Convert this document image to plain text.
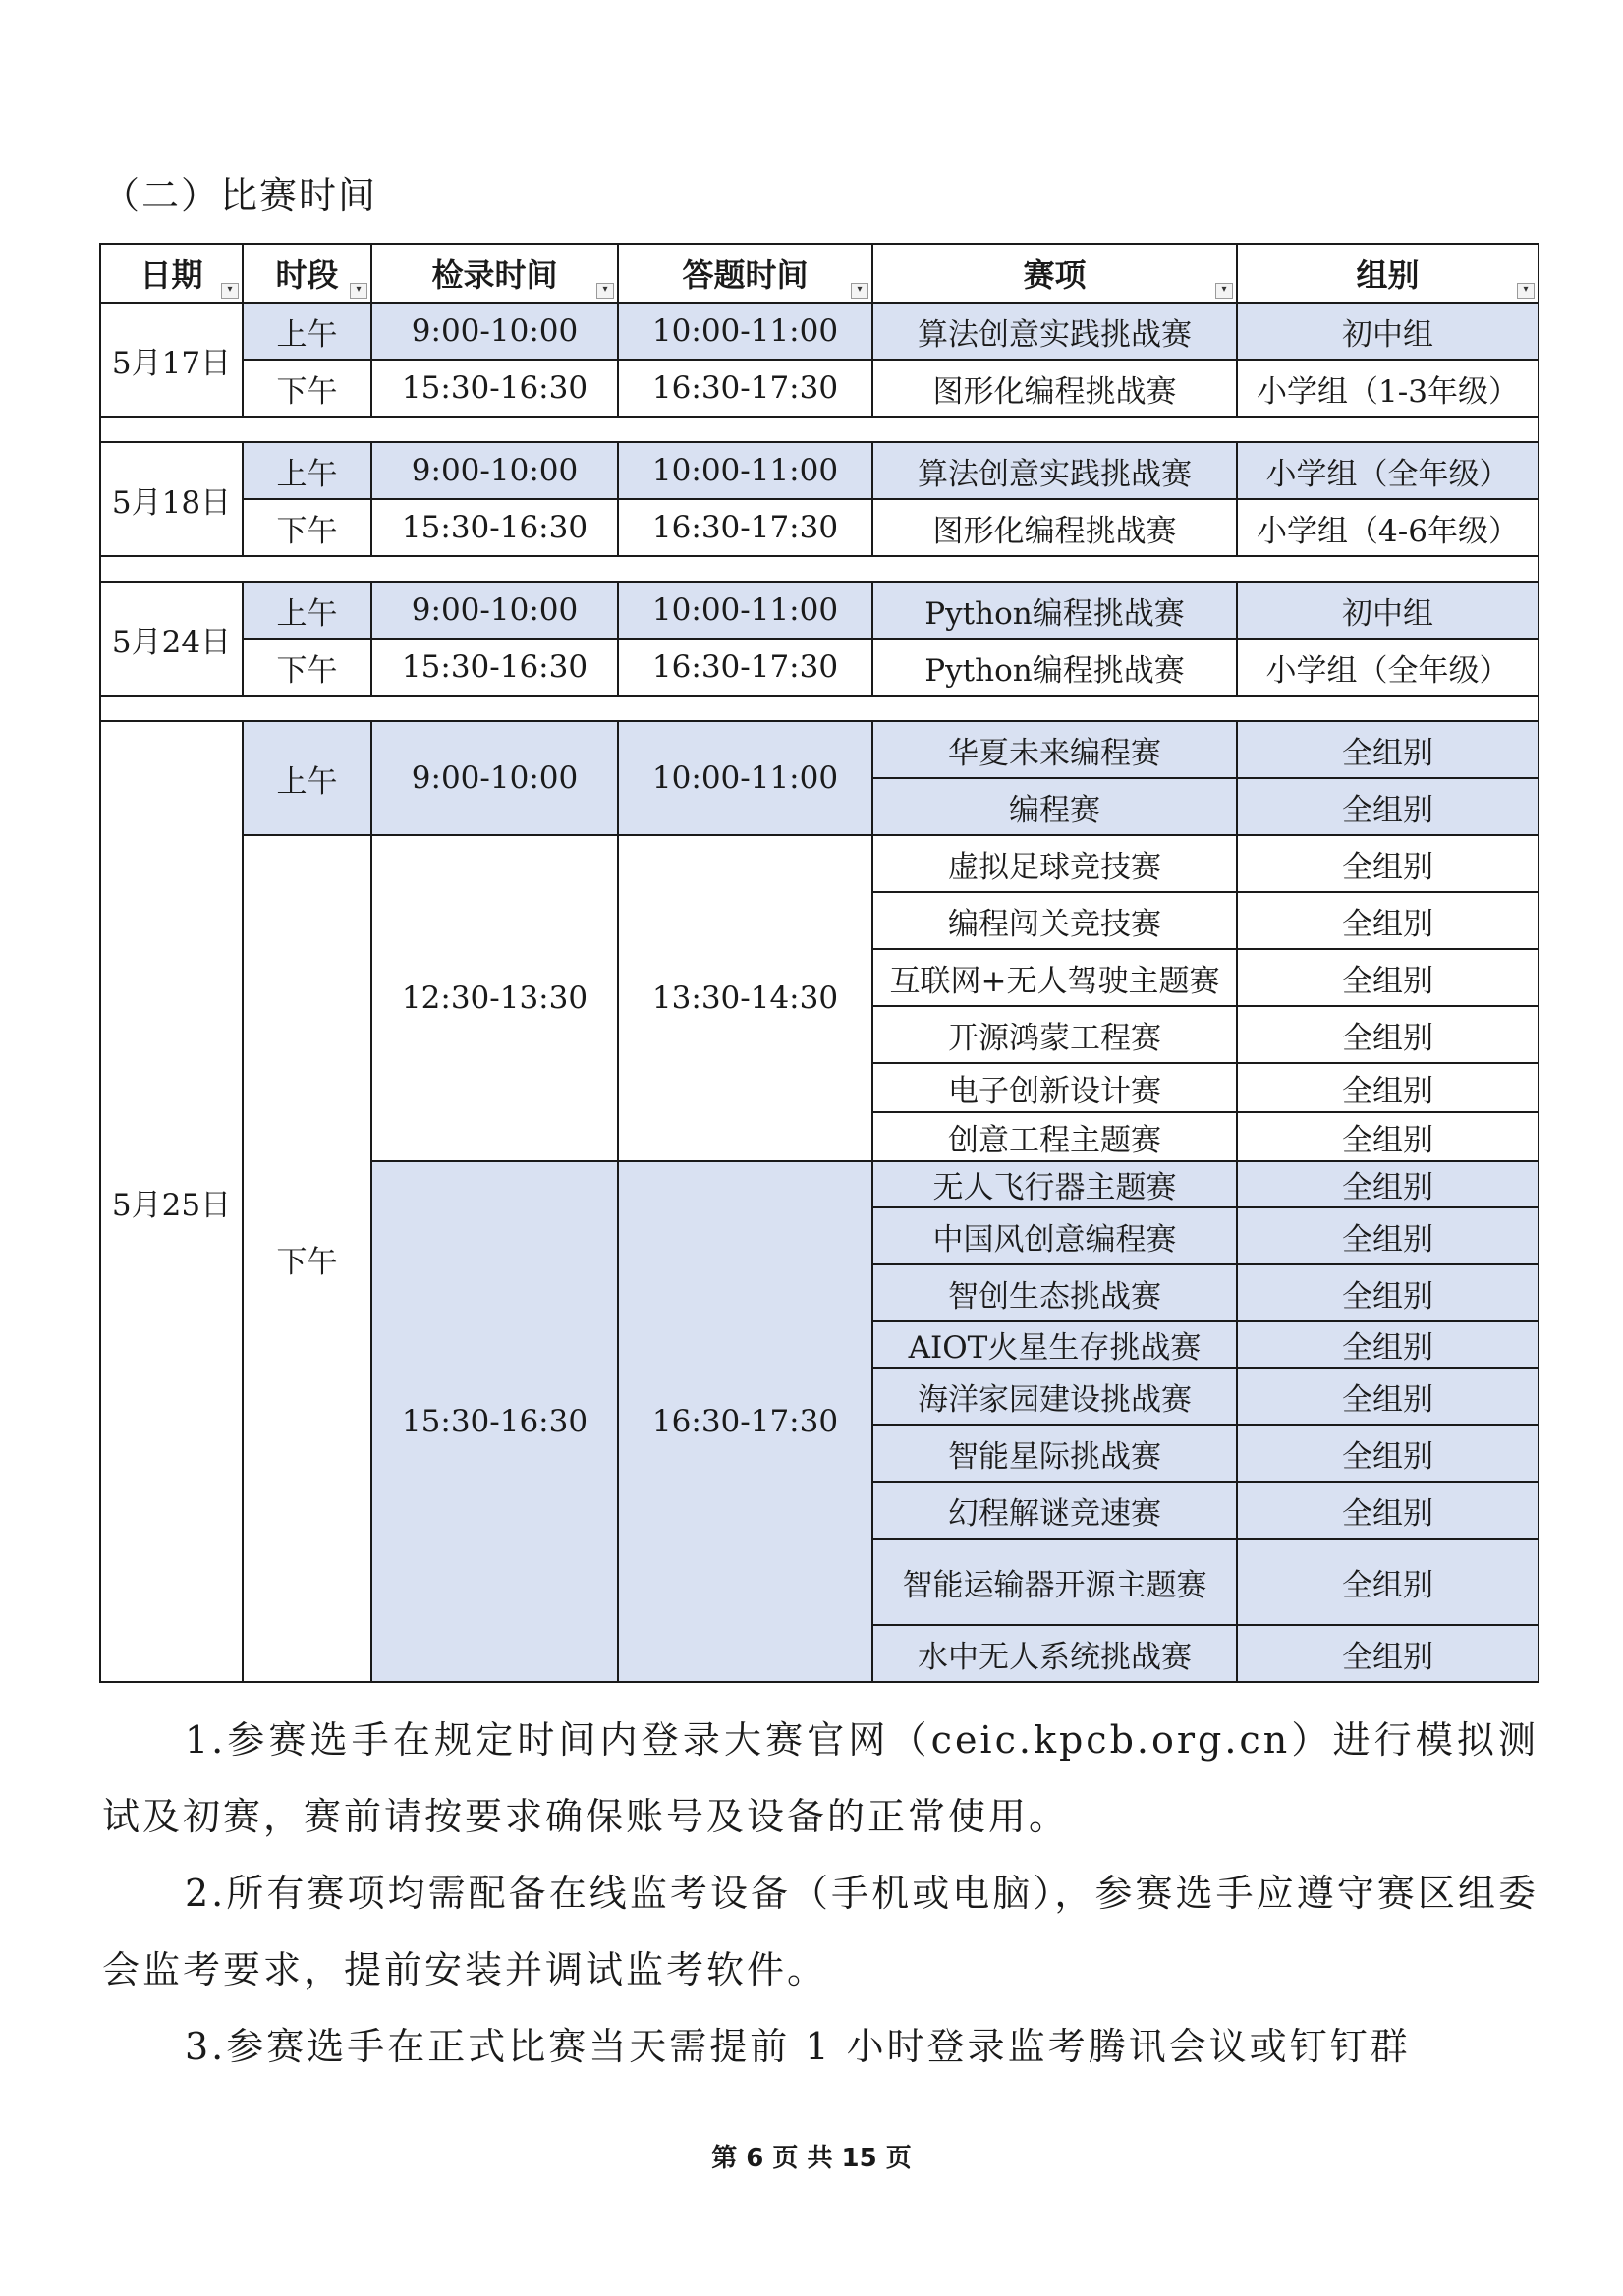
（二）比赛时间
日期 ▾	时段 ▾	检录时间 ▾	答题时间 ▾	赛项 ▾	组别 ▾

5月17日	上午	9:00-10:00	10:00-11:00	算法创意实践挑战赛	初中组
	下午	15:30-16:30	16:30-17:30	图形化编程挑战赛	小学组（1-3年级）

5月18日	上午	9:00-10:00	10:00-11:00	算法创意实践挑战赛	小学组（全年级）
	下午	15:30-16:30	16:30-17:30	图形化编程挑战赛	小学组（4-6年级）

5月24日	上午	9:00-10:00	10:00-11:00	Python编程挑战赛	初中组
	下午	15:30-16:30	16:30-17:30	Python编程挑战赛	小学组（全年级）

5月25日	上午	9:00-10:00	10:00-11:00	华夏未来编程赛	全组别
				编程赛	全组别
	下午	12:30-13:30	13:30-14:30	虚拟足球竞技赛	全组别
				编程闯关竞技赛	全组别
				互联网+无人驾驶主题赛	全组别
				开源鸿蒙工程赛	全组别
				电子创新设计赛	全组别
				创意工程主题赛	全组别
		15:30-16:30	16:30-17:30	无人飞行器主题赛	全组别
				中国风创意编程赛	全组别
				智创生态挑战赛	全组别
				AIOT火星生存挑战赛	全组别
				海洋家园建设挑战赛	全组别
				智能星际挑战赛	全组别
				幻程解谜竞速赛	全组别
				智能运输器开源主题赛	全组别
				水中无人系统挑战赛	全组别

1.参赛选手在规定时间内登录大赛官网（ceic.kpcb.org.cn）进行模拟测试及初赛，赛前请按要求确保账号及设备的正常使用。

2.所有赛项均需配备在线监考设备（手机或电脑），参赛选手应遵守赛区组委会监考要求，提前安装并调试监考软件。

3.参赛选手在正式比赛当天需提前 1 小时登录监考腾讯会议或钉钉群

第 6 页 共 15 页
